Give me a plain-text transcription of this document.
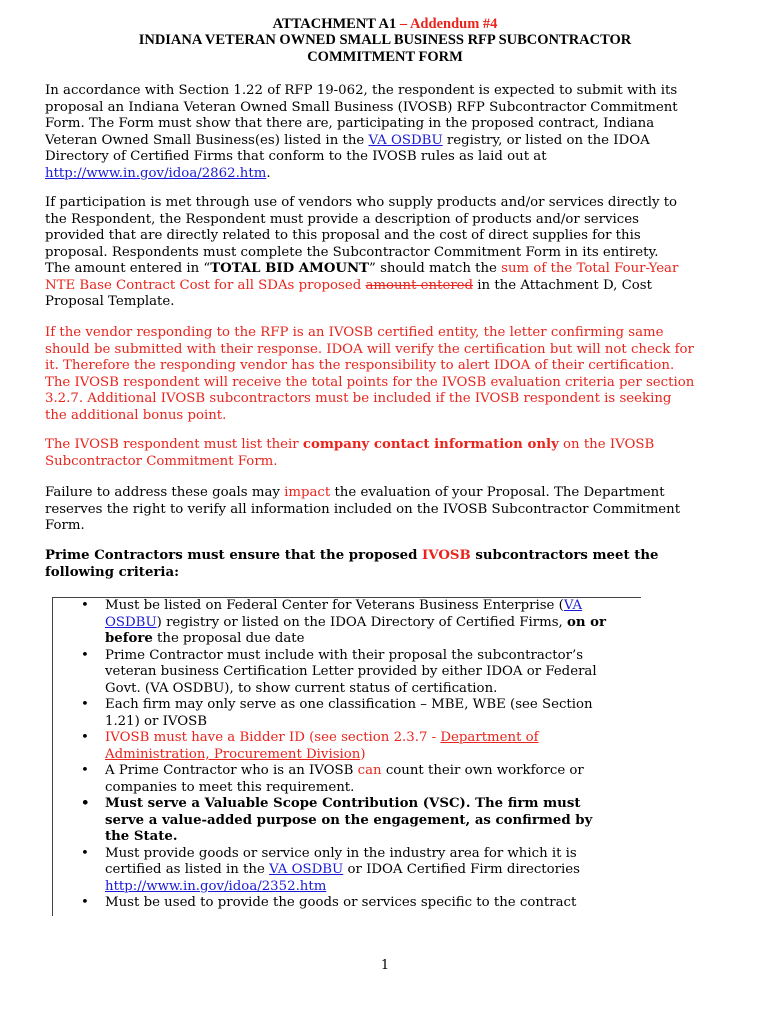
ATTACHMENT A1 – Addendum #4
INDIANA VETERAN OWNED SMALL BUSINESS RFP SUBCONTRACTOR
COMMITMENT FORM
In accordance with Section 1.22 of RFP 19-062, the respondent is expected to submit with its
proposal an Indiana Veteran Owned Small Business (IVOSB) RFP Subcontractor Commitment
Form. The Form must show that there are, participating in the proposed contract, Indiana
Veteran Owned Small Business(es) listed in the VA OSDBU registry, or listed on the IDOA
Directory of Certified Firms that conform to the IVOSB rules as laid out at
http://www.in.gov/idoa/2862.htm.
If participation is met through use of vendors who supply products and/or services directly to
the Respondent, the Respondent must provide a description of products and/or services
provided that are directly related to this proposal and the cost of direct supplies for this
proposal. Respondents must complete the Subcontractor Commitment Form in its entirety.
The amount entered in “TOTAL BID AMOUNT” should match the sum of the Total Four-Year
NTE Base Contract Cost for all SDAs proposed amount entered in the Attachment D, Cost
Proposal Template.
If the vendor responding to the RFP is an IVOSB certified entity, the letter confirming same
should be submitted with their response. IDOA will verify the certification but will not check for
it. Therefore the responding vendor has the responsibility to alert IDOA of their certification.
The IVOSB respondent will receive the total points for the IVOSB evaluation criteria per section
3.2.7. Additional IVOSB subcontractors must be included if the IVOSB respondent is seeking
the additional bonus point.
The IVOSB respondent must list their company contact information only on the IVOSB
Subcontractor Commitment Form.
Failure to address these goals may impact the evaluation of your Proposal. The Department
reserves the right to verify all information included on the IVOSB Subcontractor Commitment
Form.
Prime Contractors must ensure that the proposed IVOSB subcontractors meet the
following criteria:
• Must be listed on Federal Center for Veterans Business Enterprise (VA
OSDBU) registry or listed on the IDOA Directory of Certified Firms, on or
before the proposal due date
• Prime Contractor must include with their proposal the subcontractor’s
veteran business Certification Letter provided by either IDOA or Federal
Govt. (VA OSDBU), to show current status of certification.
• Each firm may only serve as one classification – MBE, WBE (see Section
1.21) or IVOSB
• IVOSB must have a Bidder ID (see section 2.3.7 - Department of
Administration, Procurement Division)
• A Prime Contractor who is an IVOSB can count their own workforce or
companies to meet this requirement.
• Must serve a Valuable Scope Contribution (VSC). The firm must
serve a value-added purpose on the engagement, as confirmed by
the State.
• Must provide goods or service only in the industry area for which it is
certified as listed in the VA OSDBU or IDOA Certified Firm directories
http://www.in.gov/idoa/2352.htm
• Must be used to provide the goods or services specific to the contract
1
